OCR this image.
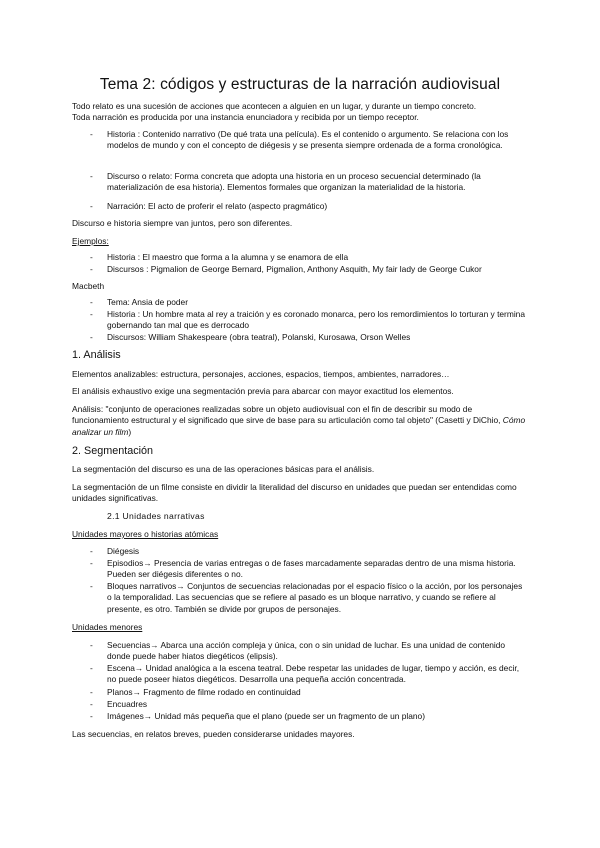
Tema 2: códigos y estructuras de la narración audiovisual
Todo relato es una sucesión de acciones que acontecen a alguien en un lugar, y durante un tiempo concreto.
Toda narración es producida por una instancia enunciadora y recibida por un tiempo receptor.
- Historia : Contenido narrativo (De qué trata una película). Es el contenido o argumento. Se relaciona con los modelos de mundo y con el concepto de diégesis y se presenta siempre ordenada de a forma cronológica.
- Discurso o relato: Forma concreta que adopta una historia en un proceso secuencial determinado (la materialización de esa historia). Elementos formales que organizan la materialidad de la historia.
- Narración: El acto de proferir el relato (aspecto pragmático)
Discurso e historia siempre van juntos, pero son diferentes.
Ejemplos:
- Historia : El maestro que forma a la alumna y se enamora de ella
- Discursos : Pigmalion de George Bernard, Pigmalion, Anthony Asquith, My fair lady de George Cukor
Macbeth
- Tema: Ansia de poder
- Historia : Un hombre mata al rey a traición y es coronado monarca, pero los remordimientos lo torturan y termina gobernando tan mal que es derrocado
- Discursos: William Shakespeare (obra teatral), Polanski, Kurosawa, Orson Welles
1. Análisis
Elementos analizables: estructura, personajes, acciones, espacios, tiempos, ambientes, narradores…
El análisis exhaustivo exige una segmentación previa para abarcar con mayor exactitud los elementos.
Análisis: "conjunto de operaciones realizadas sobre un objeto audiovisual con el fin de describir su modo de funcionamiento estructural y el significado que sirve de base para su articulación como tal objeto" (Casetti y DiChio, Cómo analizar un film)
2. Segmentación
La segmentación del discurso es una de las operaciones básicas para el análisis.
La segmentación de un filme consiste en dividir la literalidad del discurso en unidades que puedan ser entendidas como unidades significativas.
2.1 Unidades narrativas
Unidades mayores o historias atómicas
- Diégesis
- Episodios→ Presencia de varias entregas o de fases marcadamente separadas dentro de una misma historia. Pueden ser diégesis diferentes o no.
- Bloques narrativos→ Conjuntos de secuencias relacionadas por el espacio físico o la acción, por los personajes o la temporalidad. Las secuencias que se refiere al pasado es un bloque narrativo, y cuando se refiere al presente, es otro. También se divide por grupos de personajes.
Unidades menores
- Secuencias→ Abarca una acción compleja y única, con o sin unidad de luchar. Es una unidad de contenido donde puede haber hiatos diegéticos (elipsis).
- Escena→ Unidad analógica a la escena teatral. Debe respetar las unidades de lugar, tiempo y acción, es decir, no puede poseer hiatos diegéticos. Desarrolla una pequeña acción concentrada.
- Planos→ Fragmento de filme rodado en continuidad
- Encuadres
- Imágenes→ Unidad más pequeña que el plano (puede ser un fragmento de un plano)
Las secuencias, en relatos breves, pueden considerarse unidades mayores.
